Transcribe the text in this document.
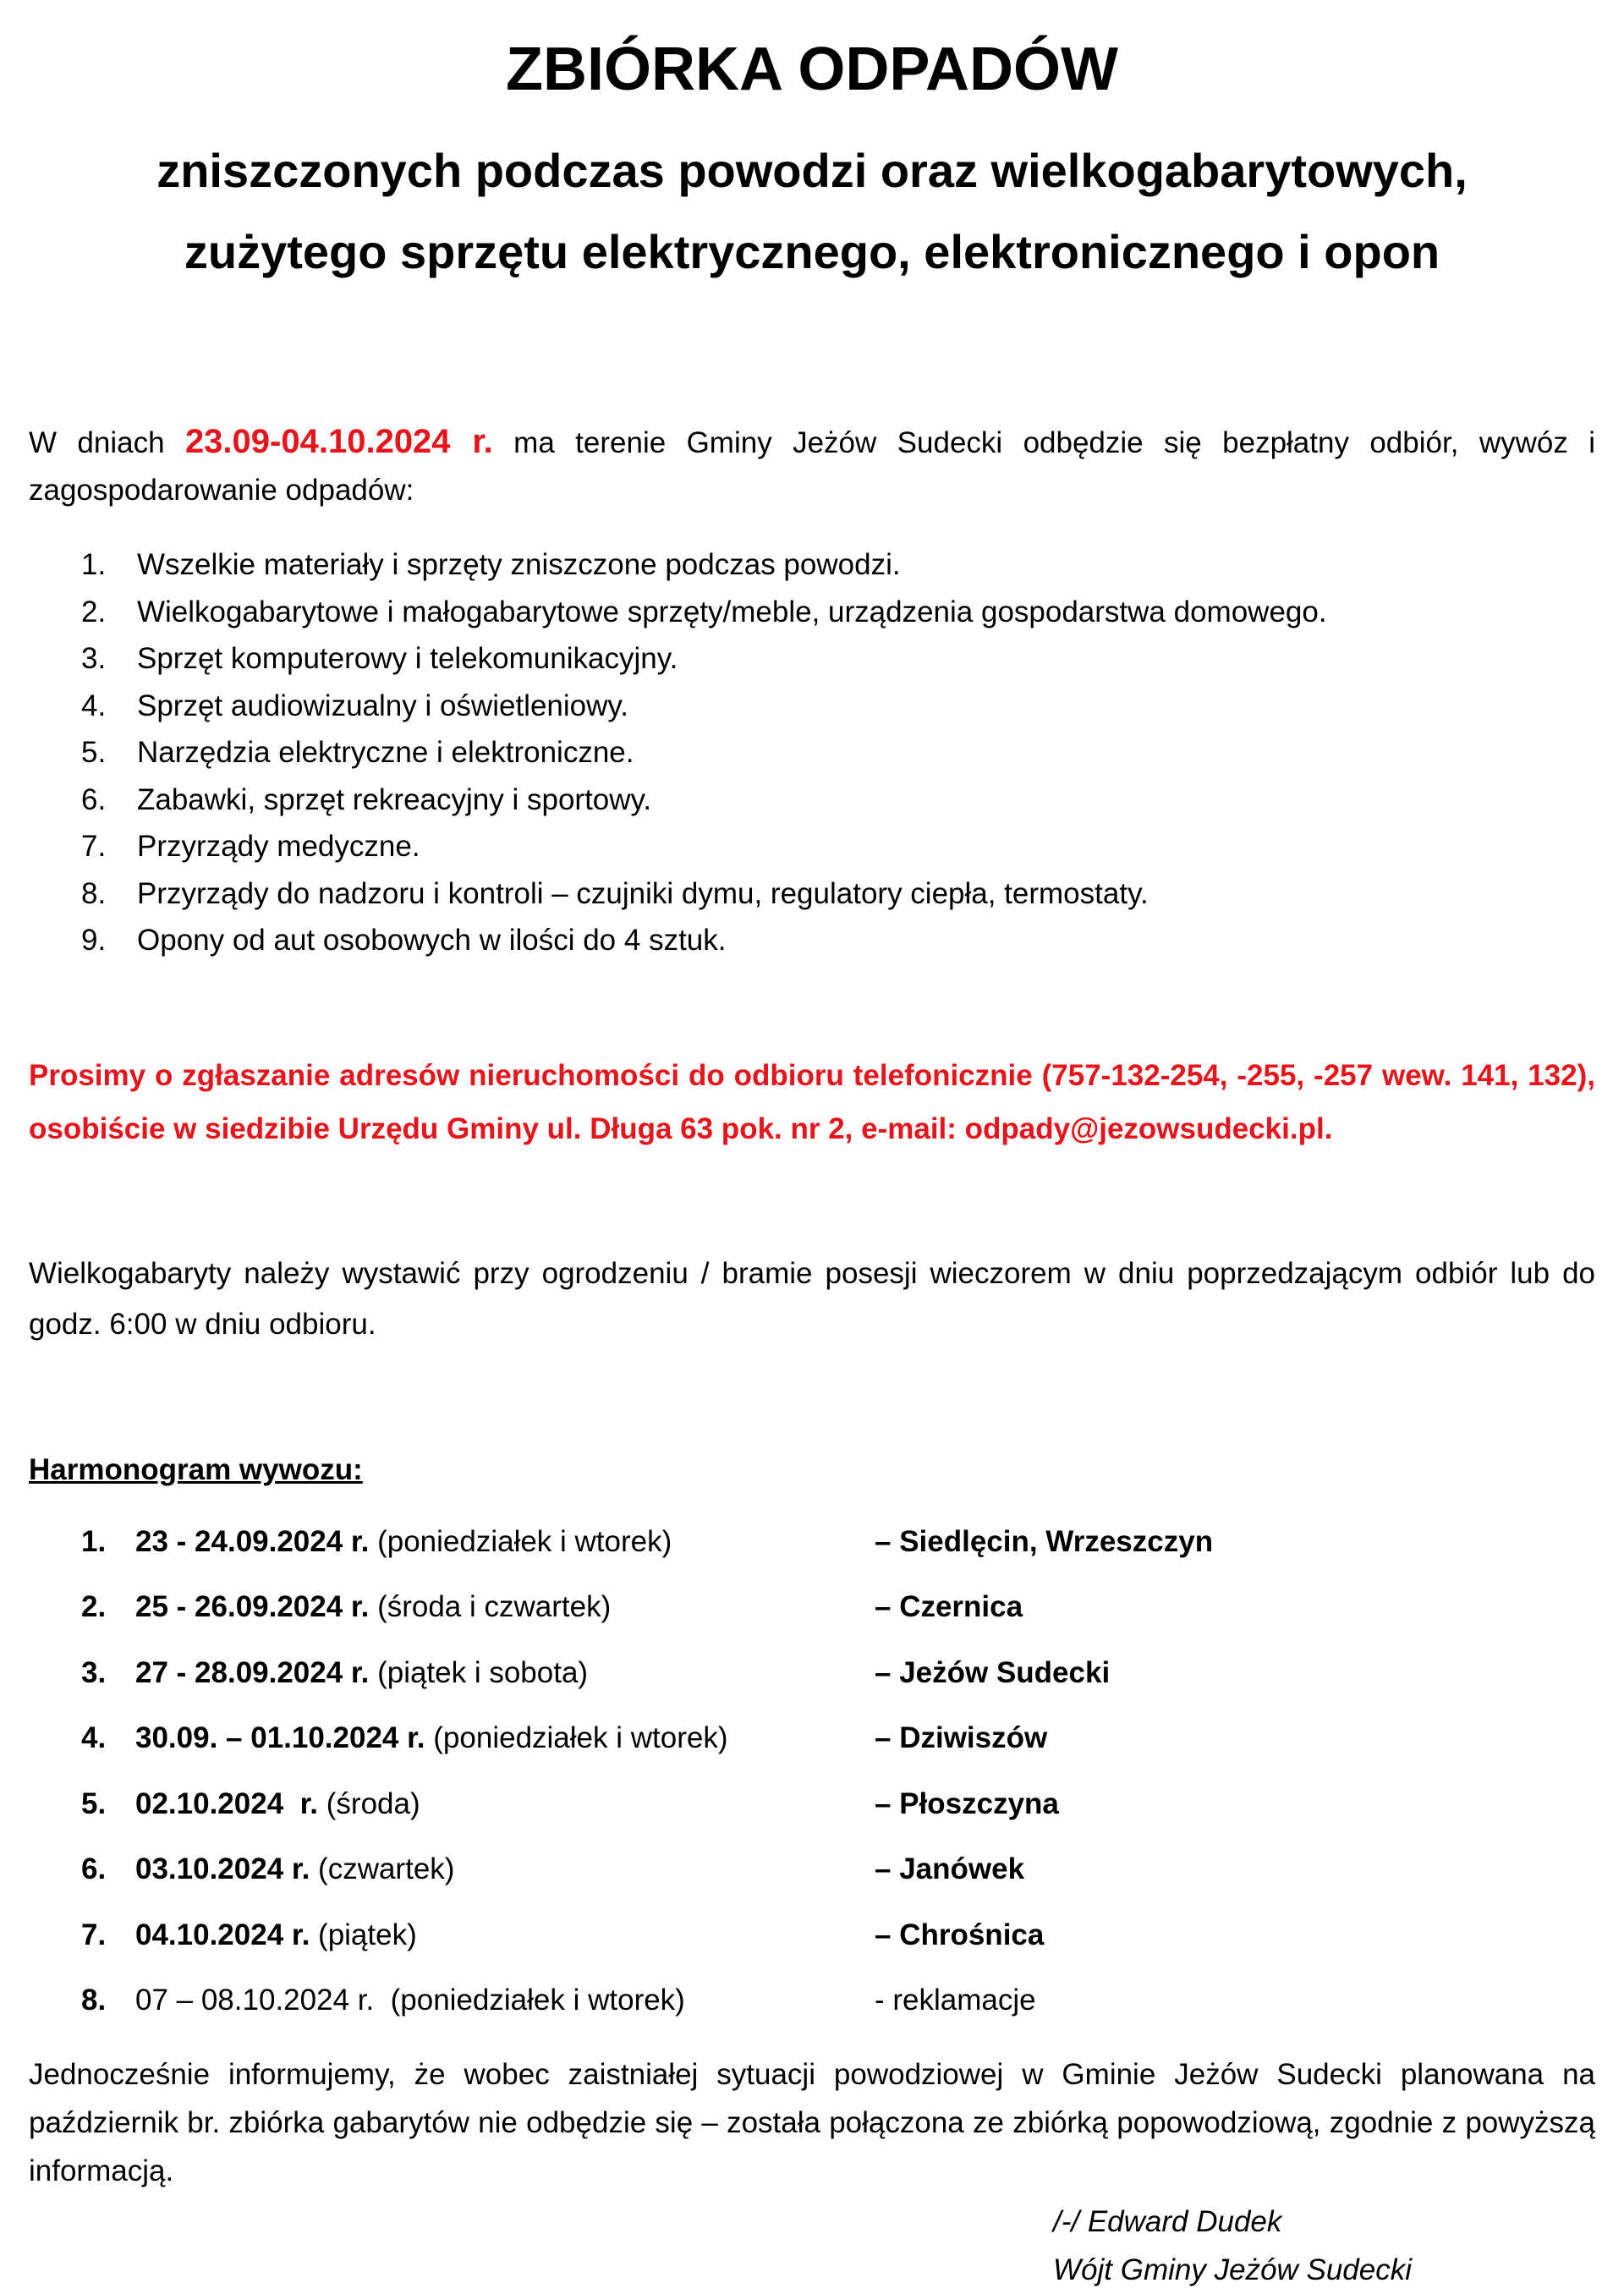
ZBIÓRKA ODPADÓW
zniszczonych podczas powodzi oraz wielkogabarytowych,
zużytego sprzętu elektrycznego, elektronicznego i opon

W dniach 23.09-04.10.2024 r. ma terenie Gminy Jeżów Sudecki odbędzie się bezpłatny odbiór, wywóz i zagospodarowanie odpadów:

1.	Wszelkie materiały i sprzęty zniszczone podczas powodzi.
2.	Wielkogabarytowe i małogabarytowe sprzęty/meble, urządzenia gospodarstwa domowego.
3.	Sprzęt komputerowy i telekomunikacyjny.
4.	Sprzęt audiowizualny i oświetleniowy.
5.	Narzędzia elektryczne i elektroniczne.
6.	Zabawki, sprzęt rekreacyjny i sportowy.
7.	Przyrządy medyczne.
8.	Przyrządy do nadzoru i kontroli – czujniki dymu, regulatory ciepła, termostaty.
9.	Opony od aut osobowych w ilości do 4 sztuk.

Prosimy o zgłaszanie adresów nieruchomości do odbioru telefonicznie (757-132-254, -255, -257 wew. 141, 132), osobiście w siedzibie Urzędu Gminy ul. Długa 63 pok. nr 2, e-mail: odpady@jezowsudecki.pl.

Wielkogabaryty należy wystawić przy ogrodzeniu / bramie posesji wieczorem w dniu poprzedzającym odbiór lub do godz. 6:00 w dniu odbioru.

Harmonogram wywozu:
1. 23 - 24.09.2024 r. (poniedziałek i wtorek)	– Siedlęcin, Wrzeszczyn
2. 25 - 26.09.2024 r. (środa i czwartek)	– Czernica
3. 27 - 28.09.2024 r. (piątek i sobota)	– Jeżów Sudecki
4. 30.09. – 01.10.2024 r. (poniedziałek i wtorek)	– Dziwiszów
5. 02.10.2024  r. (środa)	– Płoszczyna
6. 03.10.2024 r. (czwartek)	– Janówek
7. 04.10.2024 r. (piątek)	– Chrośnica
8. 07 – 08.10.2024 r.  (poniedziałek i wtorek)	- reklamacje

Jednocześnie informujemy, że wobec zaistniałej sytuacji powodziowej w Gminie Jeżów Sudecki planowana na październik br. zbiórka gabarytów nie odbędzie się – została połączona ze zbiórką popowodziową, zgodnie z powyższą informacją.

/-/ Edward Dudek
Wójt Gminy Jeżów Sudecki
